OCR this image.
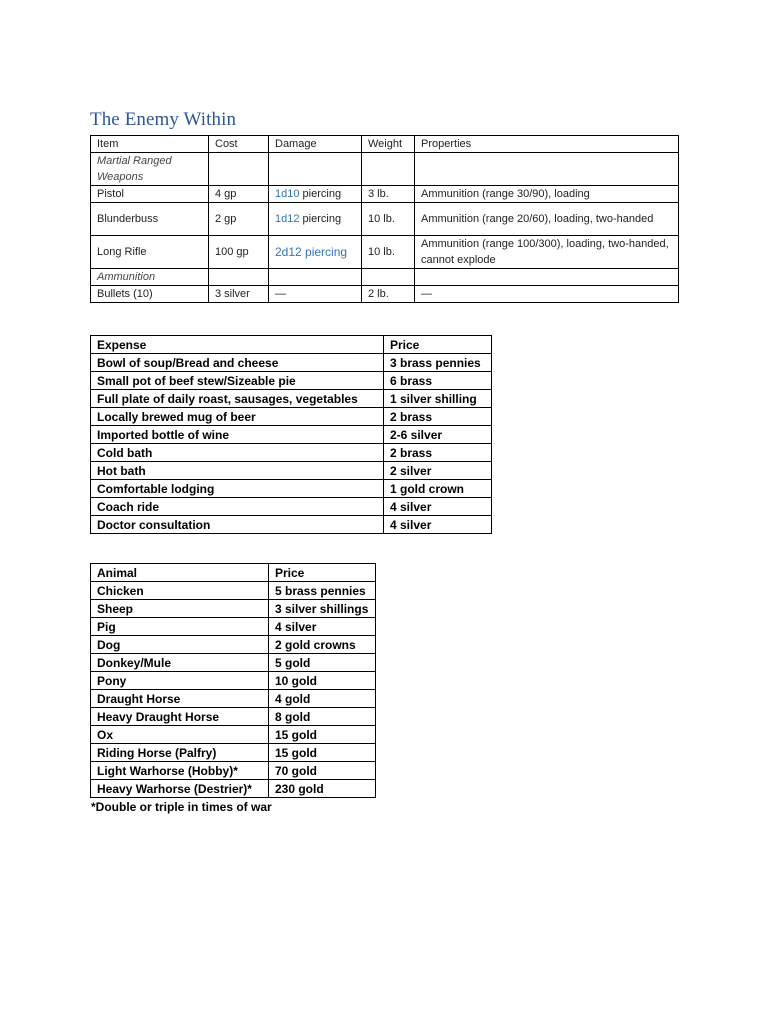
The Enemy Within
Item	Cost	Damage	Weight	Properties
Martial Ranged Weapons				
Pistol	4 gp	1d10 piercing	3 lb.	Ammunition (range 30/90), loading
Blunderbuss	2 gp	1d12 piercing	10 lb.	Ammunition (range 20/60), loading, two-handed
Long Rifle	100 gp	2d12 piercing	10 lb.	Ammunition (range 100/300), loading, two-handed, cannot explode
Ammunition				
Bullets (10)	3 silver	—	2 lb.	—
Expense	Price
Bowl of soup/Bread and cheese	3 brass pennies
Small pot of beef stew/Sizeable pie	6 brass
Full plate of daily roast, sausages, vegetables	1 silver shilling
Locally brewed mug of beer	2 brass
Imported bottle of wine	2-6 silver
Cold bath	2 brass
Hot bath	2 silver
Comfortable lodging	1 gold crown
Coach ride	4 silver
Doctor consultation	4 silver
Animal	Price
Chicken	5 brass pennies
Sheep	3 silver shillings
Pig	4 silver
Dog	2 gold crowns
Donkey/Mule	5 gold
Pony	10 gold
Draught Horse	4 gold
Heavy Draught Horse	8 gold
Ox	15 gold
Riding Horse (Palfry)	15 gold
Light Warhorse (Hobby)*	70 gold
Heavy Warhorse (Destrier)*	230 gold
*Double or triple in times of war
